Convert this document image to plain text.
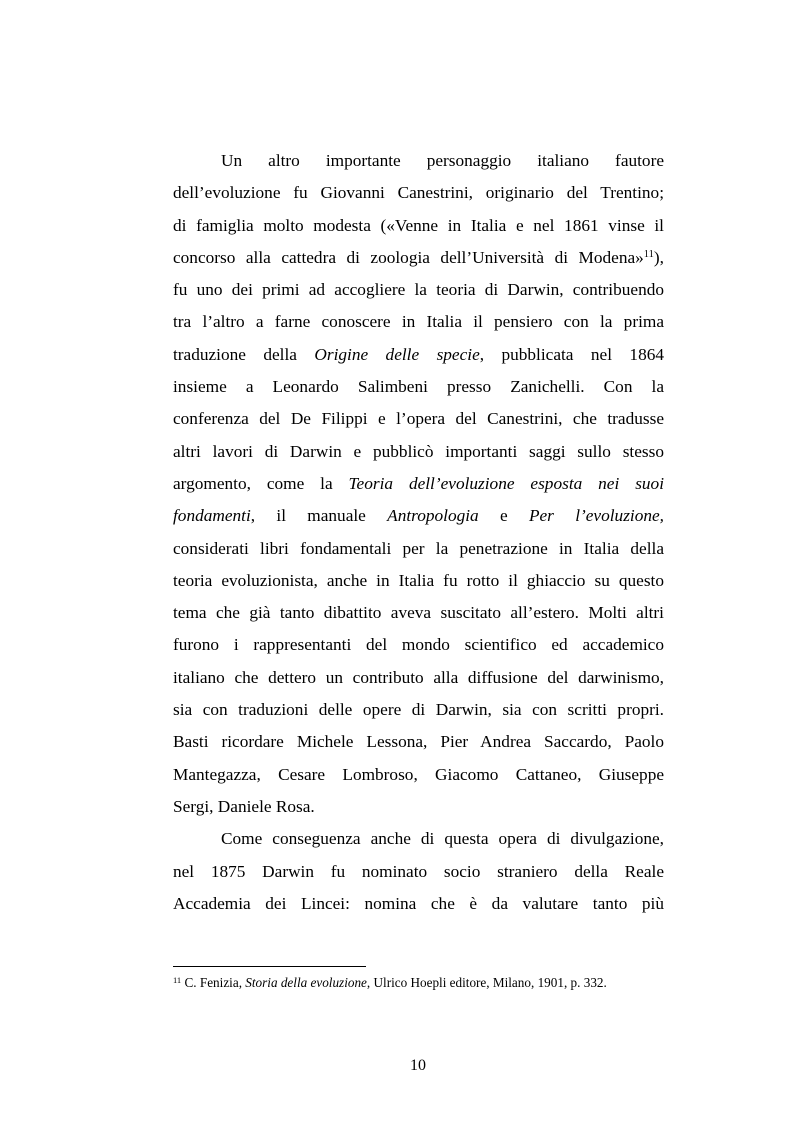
Un altro importante personaggio italiano fautore
dell’evoluzione fu Giovanni Canestrini, originario del Trentino;
di famiglia molto modesta («Venne in Italia e nel 1861 vinse il
concorso alla cattedra di zoologia dell’Università di Modena»$^{11}$),
fu uno dei primi ad accogliere la teoria di Darwin, contribuendo
tra l’altro a farne conoscere in Italia il pensiero con la prima
traduzione della Origine delle specie, pubblicata nel 1864
insieme a Leonardo Salimbeni presso Zanichelli. Con la
conferenza del De Filippi e l’opera del Canestrini, che tradusse
altri lavori di Darwin e pubblicò importanti saggi sullo stesso
argomento, come la Teoria dell’evoluzione esposta nei suoi
fondamenti, il manuale Antropologia e Per l’evoluzione,
considerati libri fondamentali per la penetrazione in Italia della
teoria evoluzionista, anche in Italia fu rotto il ghiaccio su questo
tema che già tanto dibattito aveva suscitato all’estero. Molti altri
furono i rappresentanti del mondo scientifico ed accademico
italiano che dettero un contributo alla diffusione del darwinismo,
sia con traduzioni delle opere di Darwin, sia con scritti propri.
Basti ricordare Michele Lessona, Pier Andrea Saccardo, Paolo
Mantegazza, Cesare Lombroso, Giacomo Cattaneo, Giuseppe
Sergi, Daniele Rosa.
Come conseguenza anche di questa opera di divulgazione,
nel 1875 Darwin fu nominato socio straniero della Reale
Accademia dei Lincei: nomina che è da valutare tanto più
$^{11}$ C. Fenizia, Storia della evoluzione, Ulrico Hoepli editore, Milano, 1901, p. 332.
10
